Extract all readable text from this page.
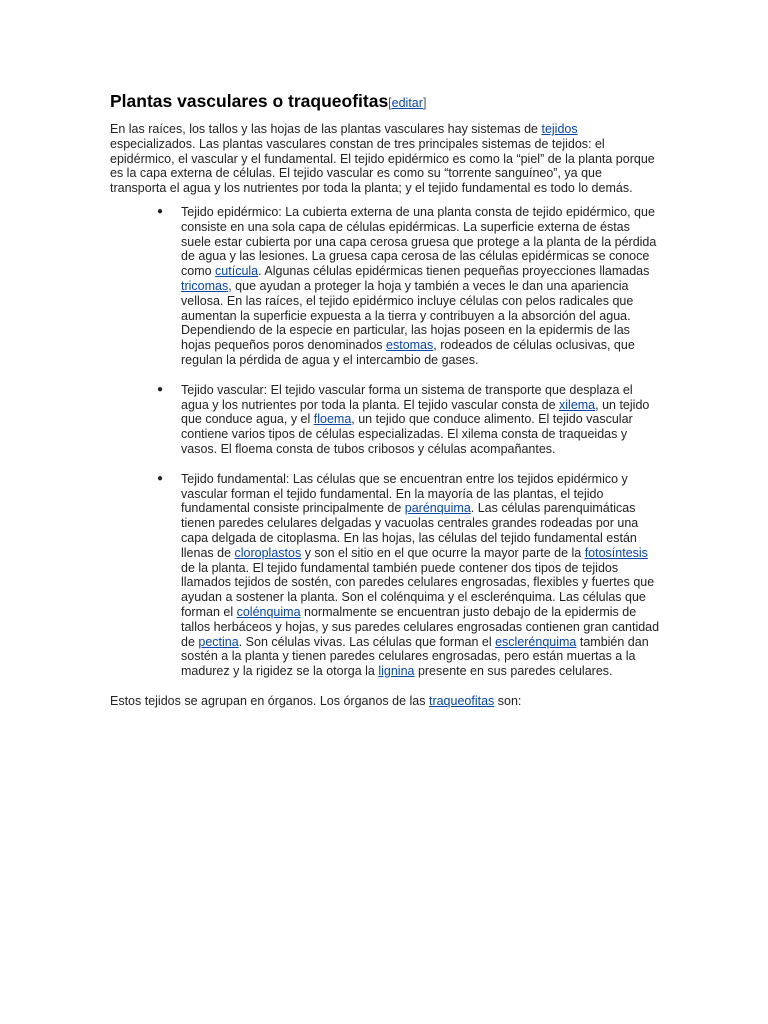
Plantas vasculares o traqueofitas[editar]

En las raíces, los tallos y las hojas de las plantas vasculares hay sistemas de tejidos especializados. Las plantas vasculares constan de tres principales sistemas de tejidos: el epidérmico, el vascular y el fundamental. El tejido epidérmico es como la “piel” de la planta porque es la capa externa de células. El tejido vascular es como su “torrente sanguíneo”, ya que transporta el agua y los nutrientes por toda la planta; y el tejido fundamental es todo lo demás.

● Tejido epidérmico: La cubierta externa de una planta consta de tejido epidérmico, que consiste en una sola capa de células epidérmicas. La superficie externa de éstas suele estar cubierta por una capa cerosa gruesa que protege a la planta de la pérdida de agua y las lesiones. La gruesa capa cerosa de las células epidérmicas se conoce como cutícula. Algunas células epidérmicas tienen pequeñas proyecciones llamadas tricomas, que ayudan a proteger la hoja y también a veces le dan una apariencia vellosa. En las raíces, el tejido epidérmico incluye células con pelos radicales que aumentan la superficie expuesta a la tierra y contribuyen a la absorción del agua. Dependiendo de la especie en particular, las hojas poseen en la epidermis de las hojas pequeños poros denominados estomas, rodeados de células oclusivas, que regulan la pérdida de agua y el intercambio de gases.
● Tejido vascular: El tejido vascular forma un sistema de transporte que desplaza el agua y los nutrientes por toda la planta. El tejido vascular consta de xilema, un tejido que conduce agua, y el floema, un tejido que conduce alimento. El tejido vascular contiene varios tipos de células especializadas. El xilema consta de traqueidas y vasos. El floema consta de tubos cribosos y células acompañantes.
● Tejido fundamental: Las células que se encuentran entre los tejidos epidérmico y vascular forman el tejido fundamental. En la mayoría de las plantas, el tejido fundamental consiste principalmente de parénquima. Las células parenquimáticas tienen paredes celulares delgadas y vacuolas centrales grandes rodeadas por una capa delgada de citoplasma. En las hojas, las células del tejido fundamental están llenas de cloroplastos y son el sitio en el que ocurre la mayor parte de la fotosíntesis de la planta. El tejido fundamental también puede contener dos tipos de tejidos llamados tejidos de sostén, con paredes celulares engrosadas, flexibles y fuertes que ayudan a sostener la planta. Son el colénquima y el esclerénquima. Las células que forman el colénquima normalmente se encuentran justo debajo de la epidermis de tallos herbáceos y hojas, y sus paredes celulares engrosadas contienen gran cantidad de pectina. Son células vivas. Las células que forman el esclerénquima también dan sostén a la planta y tienen paredes celulares engrosadas, pero están muertas a la madurez y la rigidez se la otorga la lignina presente en sus paredes celulares.

Estos tejidos se agrupan en órganos. Los órganos de las traqueofitas son:
